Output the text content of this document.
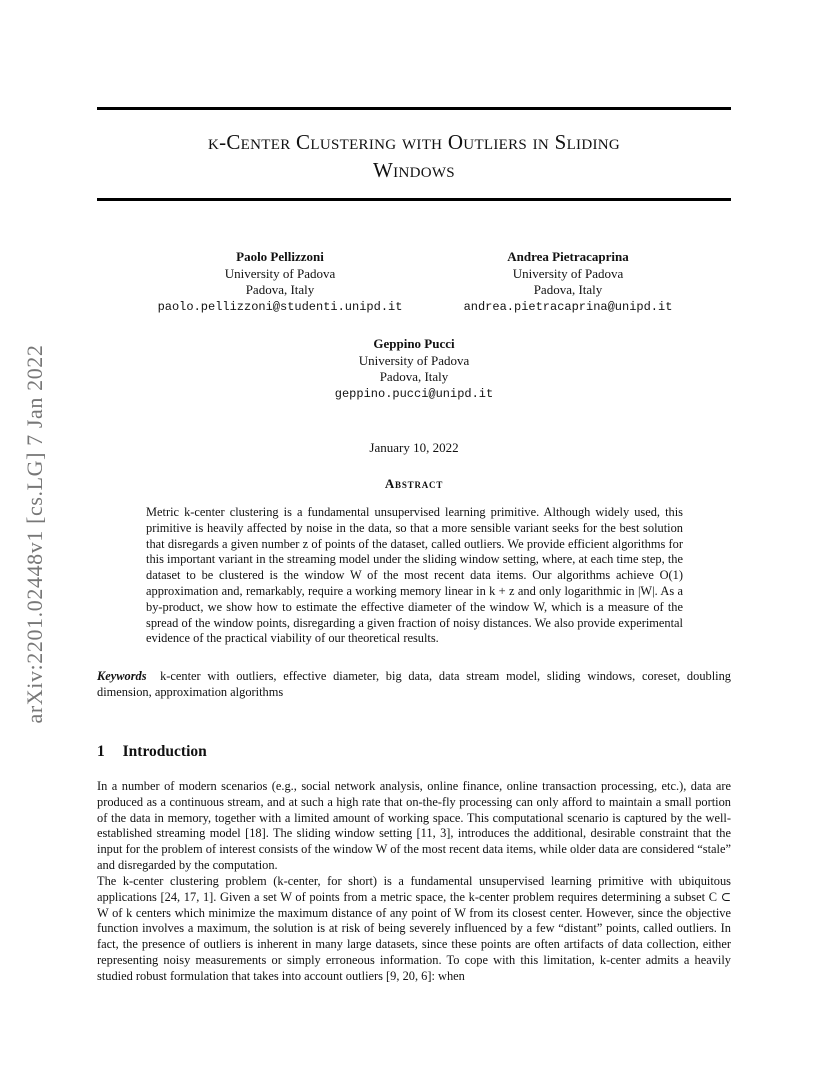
arXiv:2201.02448v1 [cs.LG] 7 Jan 2022
k-Center Clustering with Outliers in Sliding
Windows
Paolo Pellizzoni
University of Padova
Padova, Italy
paolo.pellizzoni@studenti.unipd.it
Andrea Pietracaprina
University of Padova
Padova, Italy
andrea.pietracaprina@unipd.it
Geppino Pucci
University of Padova
Padova, Italy
geppino.pucci@unipd.it
January 10, 2022
Abstract
Metric k-center clustering is a fundamental unsupervised learning primitive. Although widely used, this primitive is heavily affected by noise in the data, so that a more sensible variant seeks for the best solution that disregards a given number z of points of the dataset, called outliers. We provide efficient algorithms for this important variant in the streaming model under the sliding window setting, where, at each time step, the dataset to be clustered is the window W of the most recent data items. Our algorithms achieve O(1) approximation and, remarkably, require a working memory linear in k + z and only logarithmic in |W|. As a by-product, we show how to estimate the effective diameter of the window W, which is a measure of the spread of the window points, disregarding a given fraction of noisy distances. We also provide experimental evidence of the practical viability of our theoretical results.
Keywords k-center with outliers, effective diameter, big data, data stream model, sliding windows, coreset, doubling dimension, approximation algorithms
1 Introduction
In a number of modern scenarios (e.g., social network analysis, online finance, online transaction processing, etc.), data are produced as a continuous stream, and at such a high rate that on-the-fly processing can only afford to maintain a small portion of the data in memory, together with a limited amount of working space. This computational scenario is captured by the well-established streaming model [18]. The sliding window setting [11, 3], introduces the additional, desirable constraint that the input for the problem of interest consists of the window W of the most recent data items, while older data are considered “stale” and disregarded by the computation.
The k-center clustering problem (k-center, for short) is a fundamental unsupervised learning primitive with ubiquitous applications [24, 17, 1]. Given a set W of points from a metric space, the k-center problem requires determining a subset C ⊂ W of k centers which minimize the maximum distance of any point of W from its closest center. However, since the objective function involves a maximum, the solution is at risk of being severely influenced by a few “distant” points, called outliers. In fact, the presence of outliers is inherent in many large datasets, since these points are often artifacts of data collection, either representing noisy measurements or simply erroneous information. To cope with this limitation, k-center admits a heavily studied robust formulation that takes into account outliers [9, 20, 6]: when
